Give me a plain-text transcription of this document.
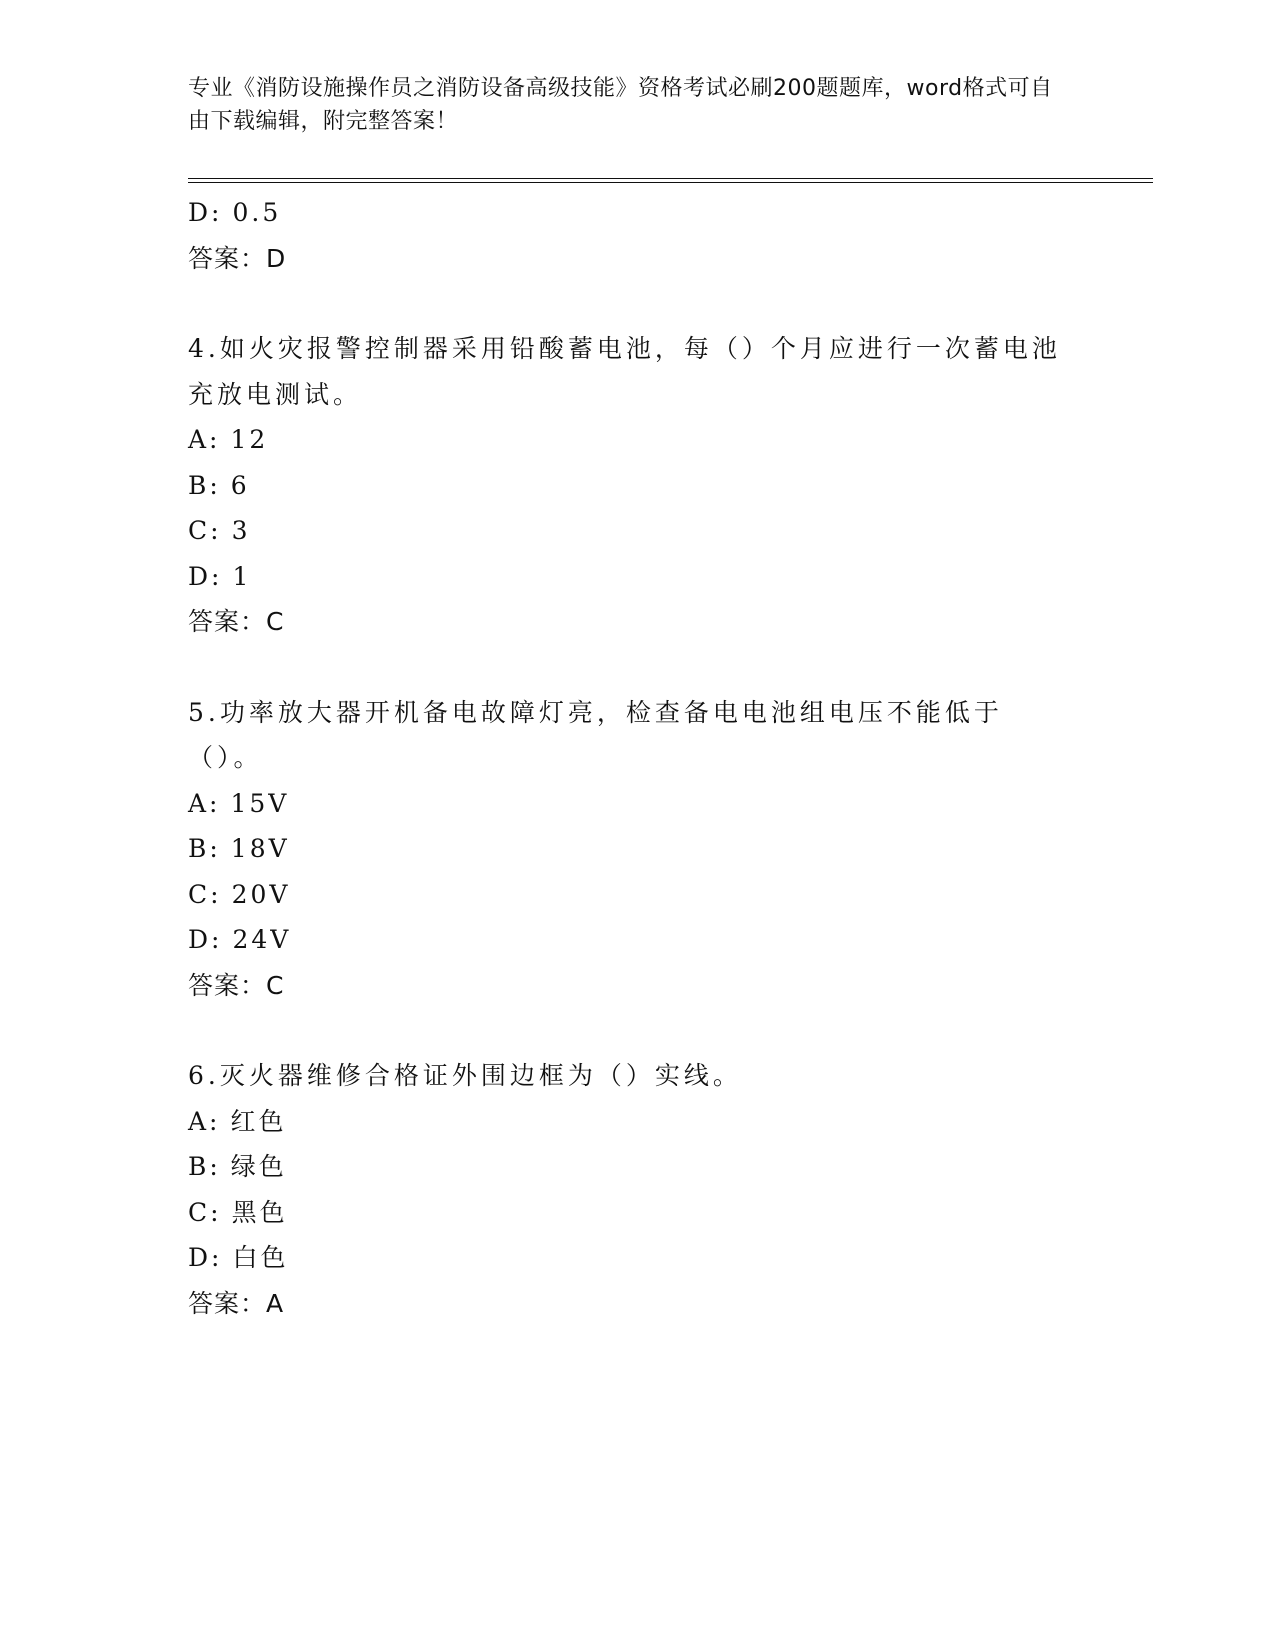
专业《消防设施操作员之消防设备高级技能》资格考试必刷200题题库，word格式可自由下载编辑，附完整答案！
D: 0.5
答案：D
4.如火灾报警控制器采用铅酸蓄电池，每（）个月应进行一次蓄电池充放电测试。
A: 12
B: 6
C: 3
D: 1
答案：C
5.功率放大器开机备电故障灯亮，检查备电电池组电压不能低于（）。
A: 15V
B: 18V
C: 20V
D: 24V
答案：C
6.灭火器维修合格证外围边框为（）实线。
A: 红色
B: 绿色
C: 黑色
D: 白色
答案：A
